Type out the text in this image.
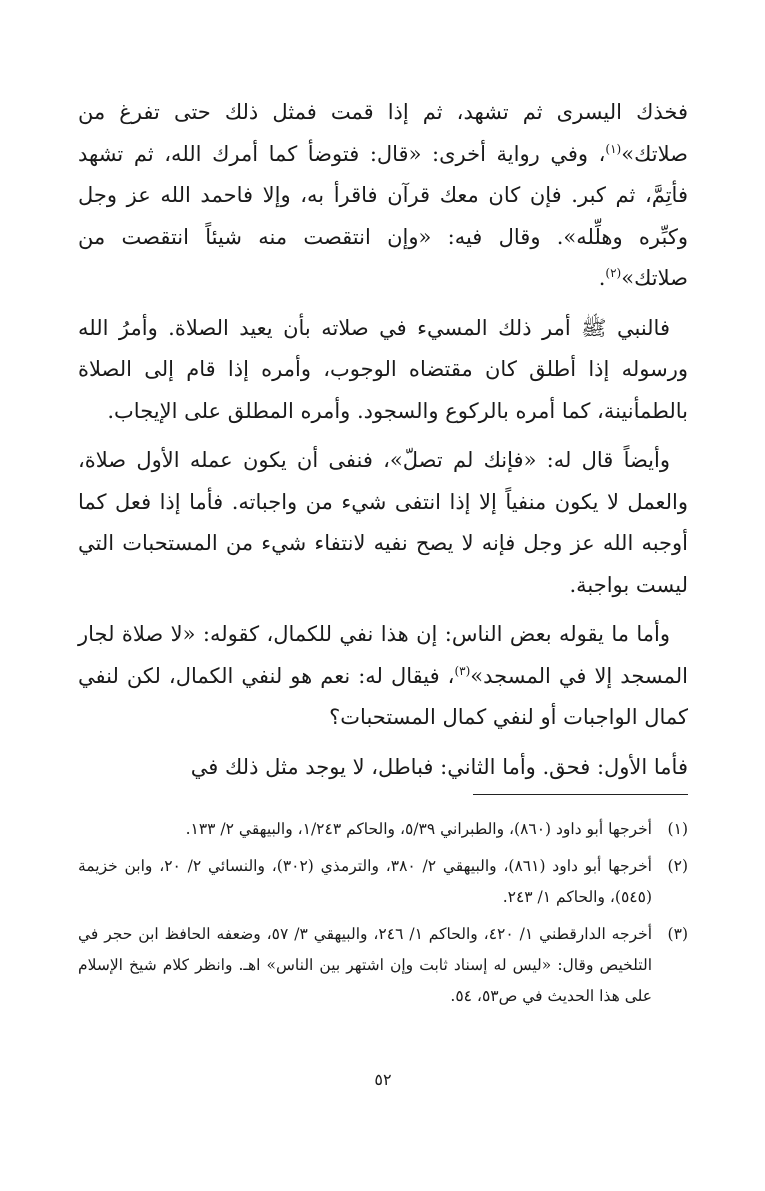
فخذك اليسرى ثم تشهد، ثم إذا قمت فمثل ذلك حتى تفرغ من صلاتك»$^{(١)}$، وفي رواية أخرى: «قال: فتوضأ كما أمرك الله، ثم تشهد فأتِمَّ، ثم كبر. فإن كان معك قرآن فاقرأ به، وإلا فاحمد الله عز وجل وكبِّره وهلِّله». وقال فيه: «وإن انتقصت منه شيئاً انتقصت من صلاتك»$^{(٢)}$.

فالنبي ﷺ أمر ذلك المسيء في صلاته بأن يعيد الصلاة. وأمرُ الله ورسوله إذا أطلق كان مقتضاه الوجوب، وأمره إذا قام إلى الصلاة بالطمأنينة، كما أمره بالركوع والسجود. وأمره المطلق على الإيجاب.

وأيضاً قال له: «فإنك لم تصلّ»، فنفى أن يكون عمله الأول صلاة، والعمل لا يكون منفياً إلا إذا انتفى شيء من واجباته. فأما إذا فعل كما أوجبه الله عز وجل فإنه لا يصح نفيه لانتفاء شيء من المستحبات التي ليست بواجبة.

وأما ما يقوله بعض الناس: إن هذا نفي للكمال، كقوله: «لا صلاة لجار المسجد إلا في المسجد»$^{(٣)}$، فيقال له: نعم هو لنفي الكمال، لكن لنفي كمال الواجبات أو لنفي كمال المستحبات؟

فأما الأول: فحق. وأما الثاني: فباطل، لا يوجد مثل ذلك في

(١)
أخرجها أبو داود (٨٦٠)، والطبراني ٥/٣٩، والحاكم ١/٢٤٣، والبيهقي ٢/ ١٣٣.
(٢)
أخرجها أبو داود (٨٦١)، والبيهقي ٢/ ٣٨٠، والترمذي (٣٠٢)، والنسائي ٢/ ٢٠، وابن خزيمة (٥٤٥)، والحاكم ١/ ٢٤٣.
(٣)
أخرجه الدارقطني ١/ ٤٢٠، والحاكم ١/ ٢٤٦، والبيهقي ٣/ ٥٧، وضعفه الحافظ ابن حجر في التلخيص وقال: «ليس له إسناد ثابت وإن اشتهر بين الناس» اهـ. وانظر كلام شيخ الإسلام على هذا الحديث في ص٥٣، ٥٤.
٥٢
